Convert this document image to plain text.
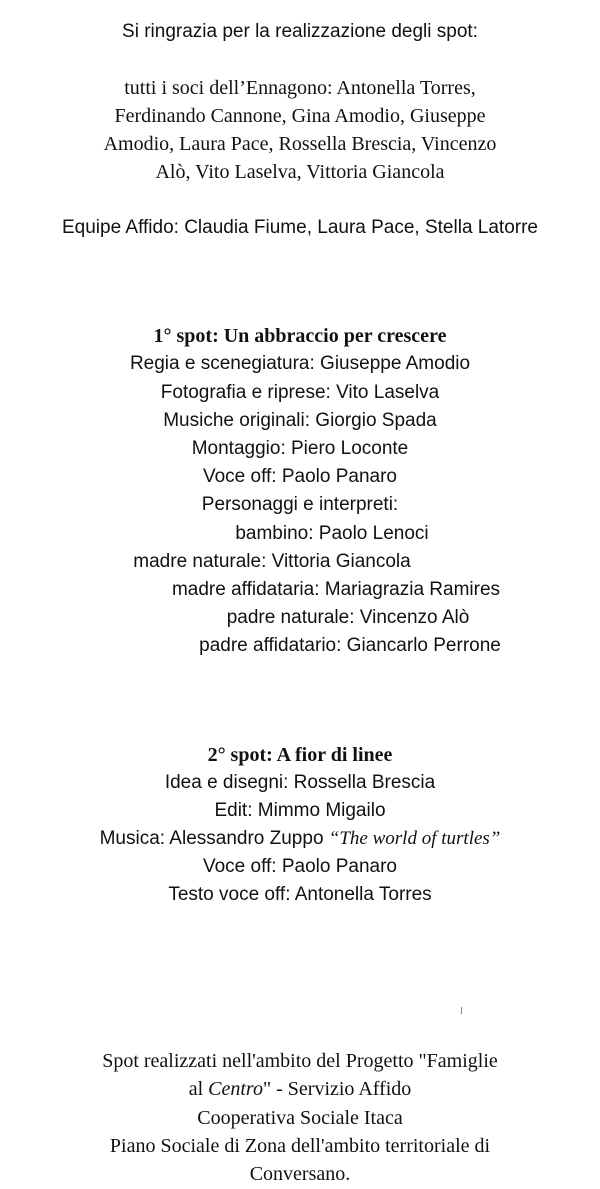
Si ringrazia per la realizzazione degli spot:
tutti i soci dell’Ennagono: Antonella Torres,
Ferdinando Cannone, Gina Amodio, Giuseppe
Amodio, Laura Pace, Rossella Brescia, Vincenzo
Alò, Vito Laselva, Vittoria Giancola
Equipe Affido: Claudia Fiume, Laura Pace, Stella Latorre
1° spot: Un abbraccio per crescere
Regia e scenegiatura: Giuseppe Amodio
Fotografia e riprese: Vito Laselva
Musiche originali: Giorgio Spada
Montaggio: Piero Loconte
Voce off: Paolo Panaro
Personaggi e interpreti:
bambino: Paolo Lenoci
madre naturale: Vittoria Giancola
madre affidataria: Mariagrazia Ramires
padre naturale: Vincenzo Alò
padre affidatario: Giancarlo Perrone
2° spot: A fior di linee
Idea e disegni: Rossella Brescia
Edit: Mimmo Migailo
Musica: Alessandro Zuppo “The world of turtles”
Voce off: Paolo Panaro
Testo voce off: Antonella Torres
Spot realizzati nell'ambito del Progetto "Famiglie
al Centro" - Servizio Affido
Cooperativa Sociale Itaca
Piano Sociale di Zona dell'ambito territoriale di
Conversano.
